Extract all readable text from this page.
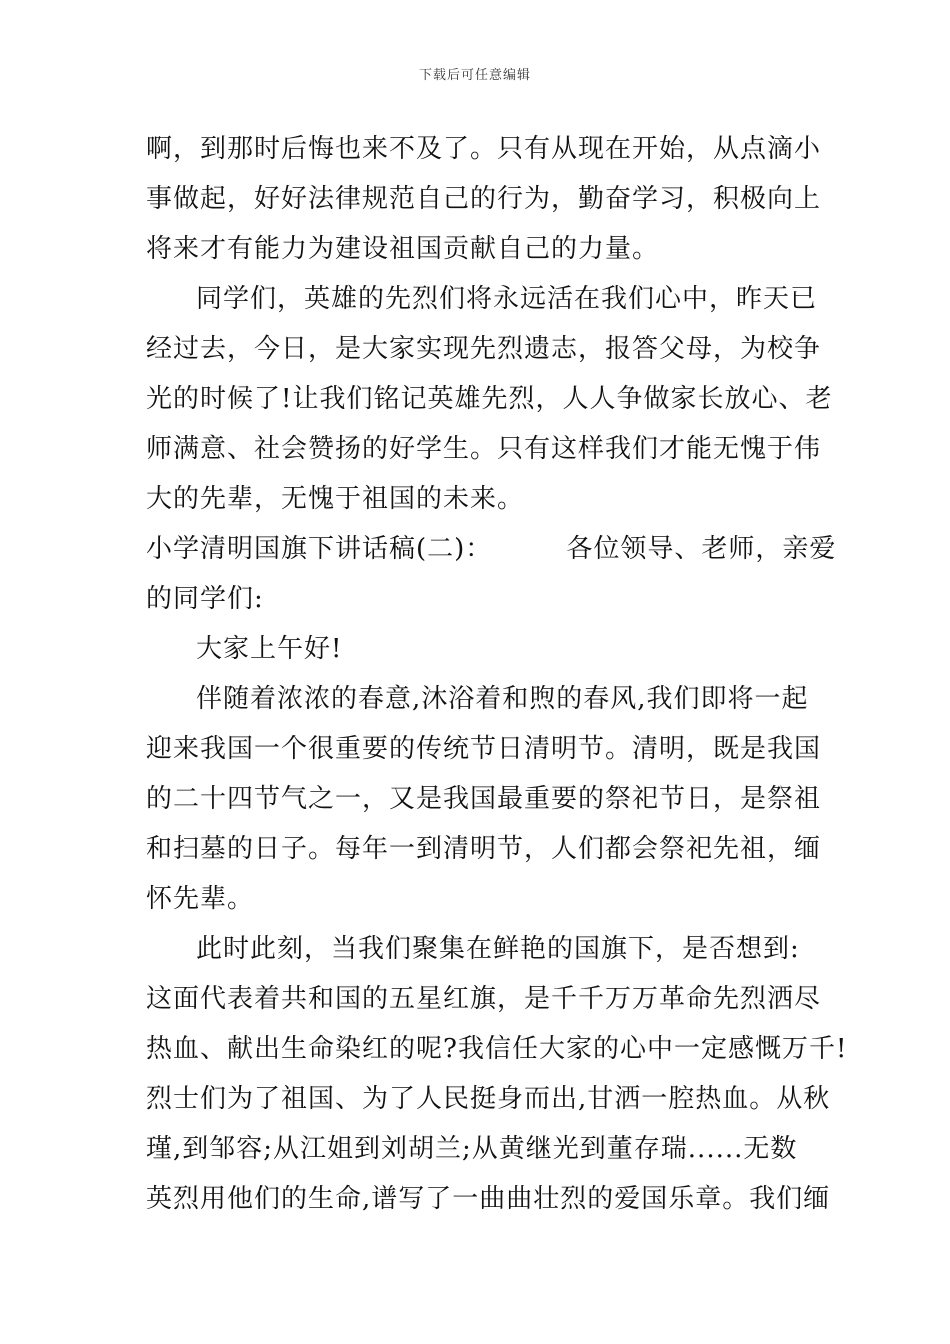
下载后可任意编辑
啊，到那时后悔也来不及了。只有从现在开始，从点滴小
事做起，好好法律规范自己的行为，勤奋学习，积极向上
将来才有能力为建设祖国贡献自己的力量。
同学们，英雄的先烈们将永远活在我们心中，昨天已
经过去，今日，是大家实现先烈遗志，报答父母，为校争
光的时候了!让我们铭记英雄先烈，人人争做家长放心、老
师满意、社会赞扬的好学生。只有这样我们才能无愧于伟
大的先辈，无愧于祖国的未来。
小学清明国旗下讲话稿(二)：        各位领导、老师，亲爱
的同学们:
大家上午好!
伴随着浓浓的春意,沐浴着和煦的春风,我们即将一起
迎来我国一个很重要的传统节日清明节。清明，既是我国
的二十四节气之一，又是我国最重要的祭祀节日，是祭祖
和扫墓的日子。每年一到清明节，人们都会祭祀先祖，缅
怀先辈。
此时此刻，当我们聚集在鲜艳的国旗下，是否想到:
这面代表着共和国的五星红旗，是千千万万革命先烈洒尽
热血、献出生命染红的呢?我信任大家的心中一定感慨万千!
烈士们为了祖国、为了人民挺身而出,甘洒一腔热血。从秋
瑾,到邹容;从江姐到刘胡兰;从黄继光到董存瑞......无数
英烈用他们的生命,谱写了一曲曲壮烈的爱国乐章。我们缅
